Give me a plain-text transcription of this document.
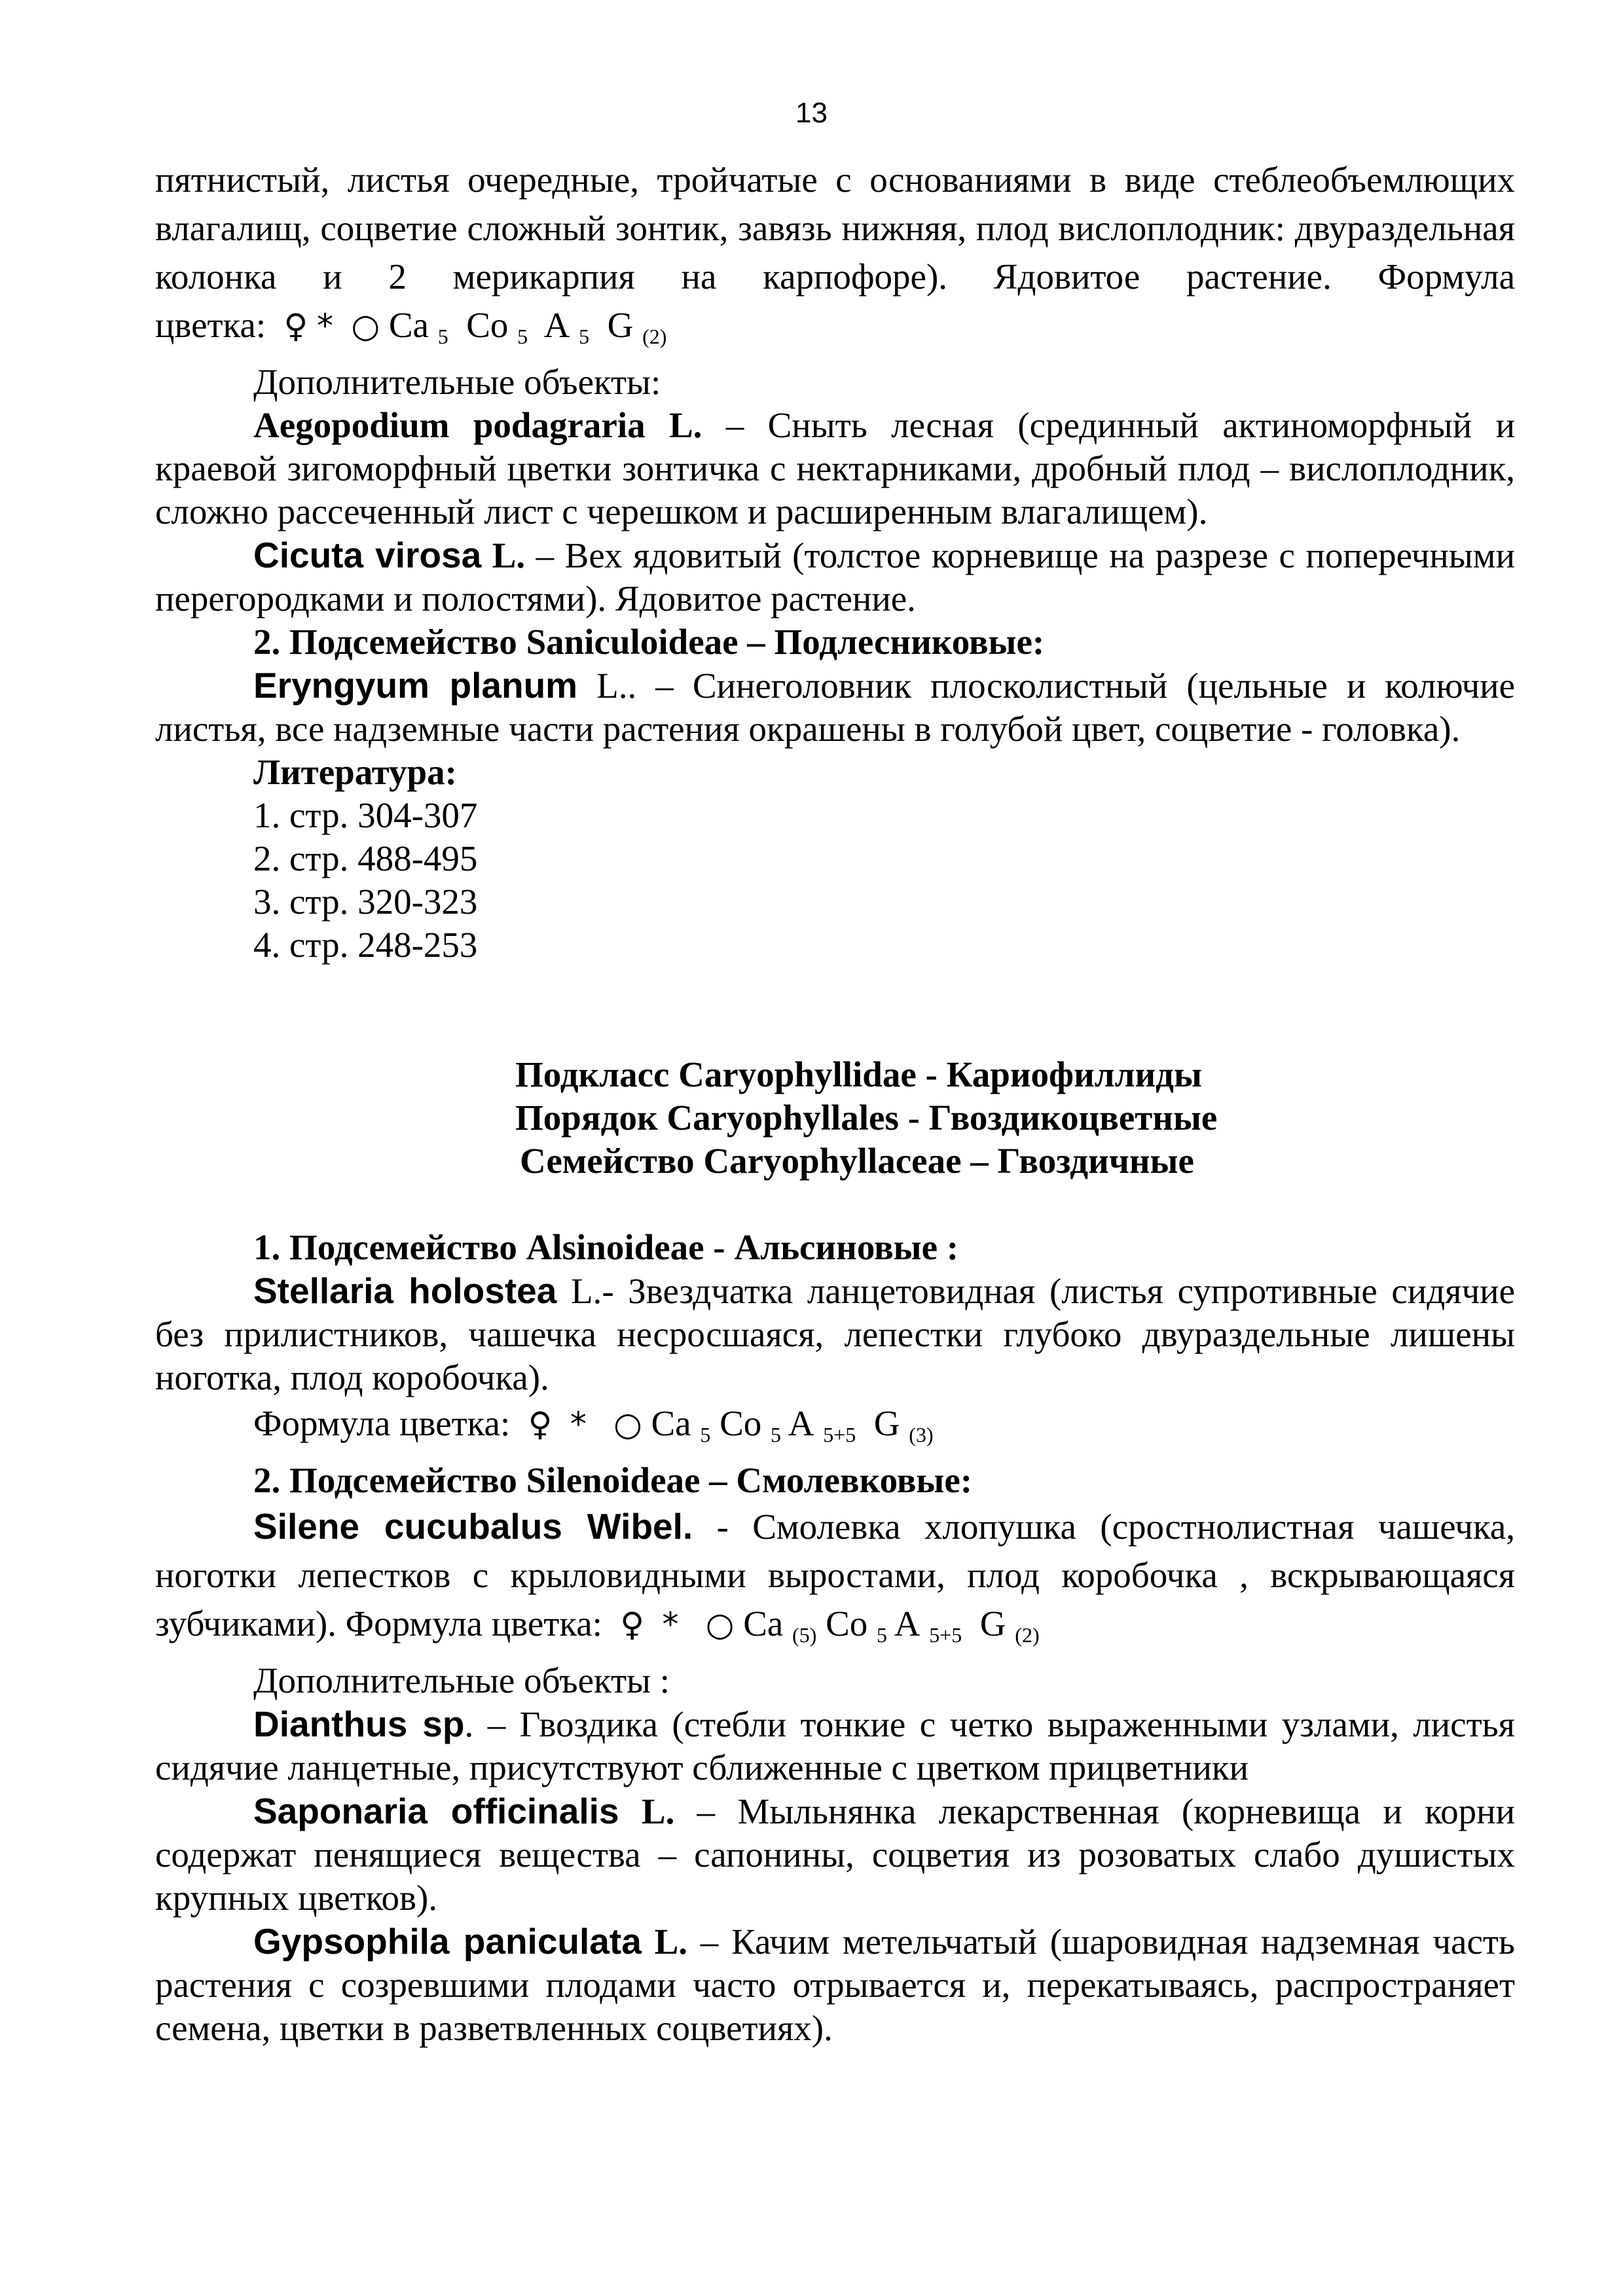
13

пятнистый, листья очередные, тройчатые с основаниями в виде стеблеобъемлющих влагалищ, соцветие сложный зонтик, завязь нижняя, плод вислоплодник: двураздельная колонка и 2 мерикарпия на карпофоре). Ядовитое растение. Формула цветка: ♀ * ○ Ca $_5$ Co $_5$ A $_5$ G $_{(2)}$

Дополнительные объекты:

Aegopodium podagraria L. – Сныть лесная (срединный актиноморфный и краевой зигоморфный цветки зонтичка с нектарниками, дробный плод – вислоплодник, сложно рассеченный лист с черешком и расширенным влагалищем).

Cicuta virosa L. – Вех ядовитый (толстое корневище на разрезе с поперечными перегородками и полостями). Ядовитое растение.

2. Подсемейство Saniculoideae – Подлесниковые:

Eryngyum planum L.. – Синеголовник плосколистный (цельные и колючие листья, все надземные части растения окрашены в голубой цвет, соцветие - головка).

Литература:

1. стр. 304-307

2. стр. 488-495

3. стр. 320-323

4. стр. 248-253

Подкласс Caryophyllidae - Кариофиллиды

Порядок Caryophyllales - Гвоздикоцветные

Семейство Caryophyllaceae – Гвоздичные

1. Подсемейство Alsinoideae - Альсиновые :

Stellaria holostea L.- Звездчатка ланцетовидная (листья супротивные сидячие без прилистников, чашечка несросшаяся, лепестки глубоко двураздельные лишены ноготка, плод коробочка).

Формула цветка: ♀ * ○ Ca $_5$ Co $_5$ A $_{5+5}$ G $_{(3)}$

2. Подсемейство Silenoideae – Смолевковые:

Silene cucubalus Wibel. - Смолевка хлопушка (сростнолистная чашечка, ноготки лепестков с крыловидными выростами, плод коробочка , вскрывающаяся зубчиками). Формула цветка: ♀ * ○ Ca $_{(5)}$ Co $_5$ A $_{5+5}$ G $_{(2)}$

Дополнительные объекты :

Dianthus sp. – Гвоздика (стебли тонкие с четко выраженными узлами, листья сидячие ланцетные, присутствуют сближенные с цветком прицветники

Saponaria officinalis L. – Мыльнянка лекарственная (корневища и корни содержат пенящиеся вещества – сапонины, соцветия из розоватых слабо душистых крупных цветков).

Gypsophila paniculata L. – Качим метельчатый (шаровидная надземная часть растения с созревшими плодами часто отрывается и, перекатываясь, распространяет семена, цветки в разветвленных соцветиях).
